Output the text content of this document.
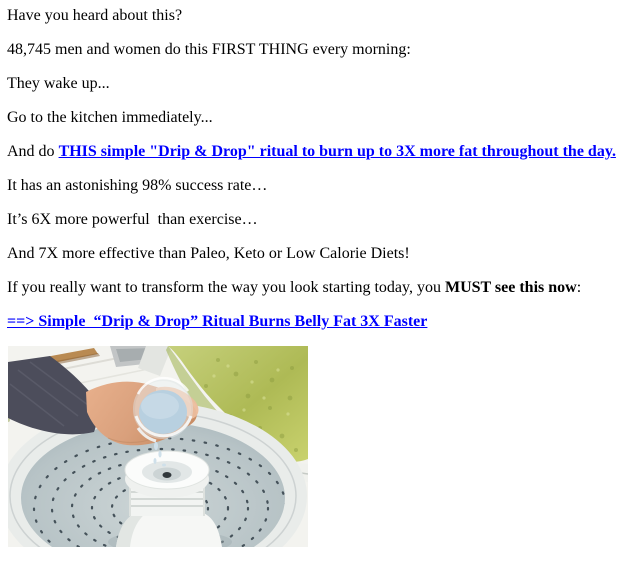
Have you heard about this?

48,745 men and women do this FIRST THING every morning:

They wake up...

Go to the kitchen immediately...

And do THIS simple "Drip & Drop" ritual to burn up to 3X more fat throughout the day.

It has an astonishing 98% success rate…

It’s 6X more powerful  than exercise…

And 7X more effective than Paleo, Keto or Low Calorie Diets!

If you really want to transform the way you look starting today, you MUST see this now:

==> Simple  “Drip & Drop” Ritual Burns Belly Fat 3X Faster
